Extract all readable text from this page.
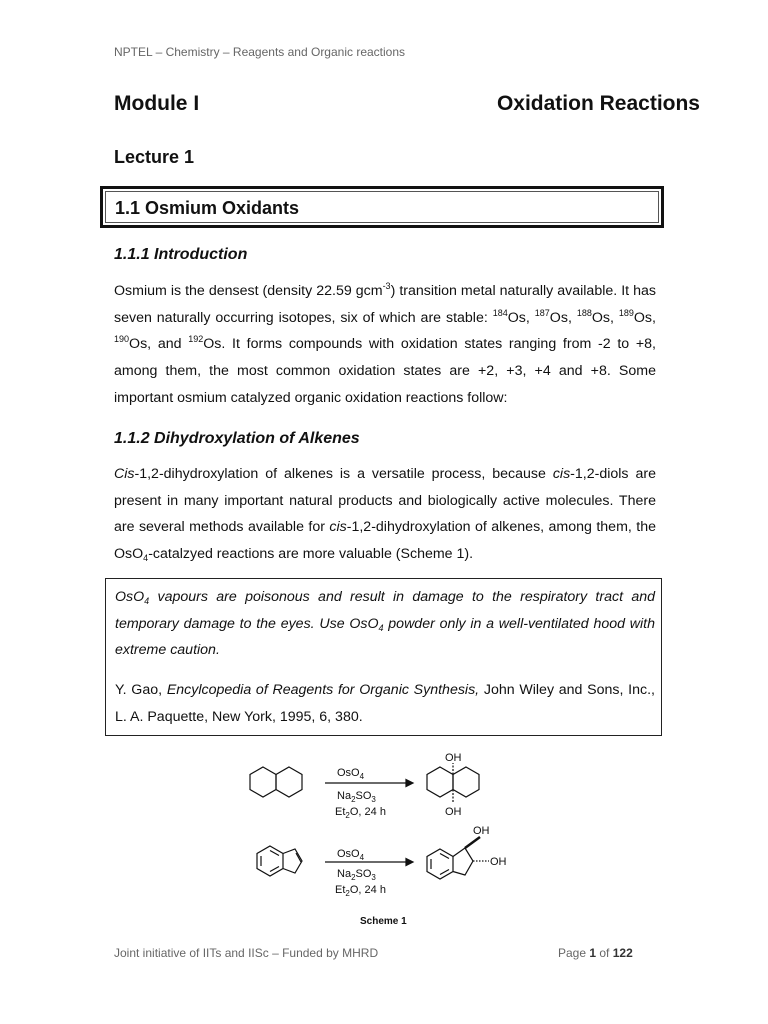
NPTEL – Chemistry – Reagents and Organic reactions
Module I	Oxidation Reactions
Lecture 1
1.1 Osmium Oxidants
1.1.1 Introduction
Osmium is the densest (density 22.59 gcm$^{-3}$) transition metal naturally available. It has seven naturally occurring isotopes, six of which are stable: $^{184}$Os, $^{187}$Os, $^{188}$Os, $^{189}$Os, $^{190}$Os, and $^{192}$Os. It forms compounds with oxidation states ranging from -2 to +8, among them, the most common oxidation states are +2, +3, +4 and +8. Some important osmium catalyzed organic oxidation reactions follow:
1.1.2 Dihydroxylation of Alkenes
Cis-1,2-dihydroxylation of alkenes is a versatile process, because cis-1,2-diols are present in many important natural products and biologically active molecules. There are several methods available for cis-1,2-dihydroxylation of alkenes, among them, the OsO$_4$-catalzyed reactions are more valuable (Scheme 1).
OsO$_4$ vapours are poisonous and result in damage to the respiratory tract and temporary damage to the eyes. Use OsO$_4$ powder only in a well-ventilated hood with extreme caution.
Y. Gao, Encylcopedia of Reagents for Organic Synthesis, John Wiley and Sons, Inc., L. A. Paquette, New York, 1995, 6, 380.
OsO$_4$
$Na_2SO_3$
$Et_2O$, 24 h
OH
OH
OsO$_4$
$Na_2SO_3$
$Et_2O$, 24 h
OH
OH
Scheme 1
Joint initiative of IITs and IISc – Funded by MHRD	Page 1 of 122
